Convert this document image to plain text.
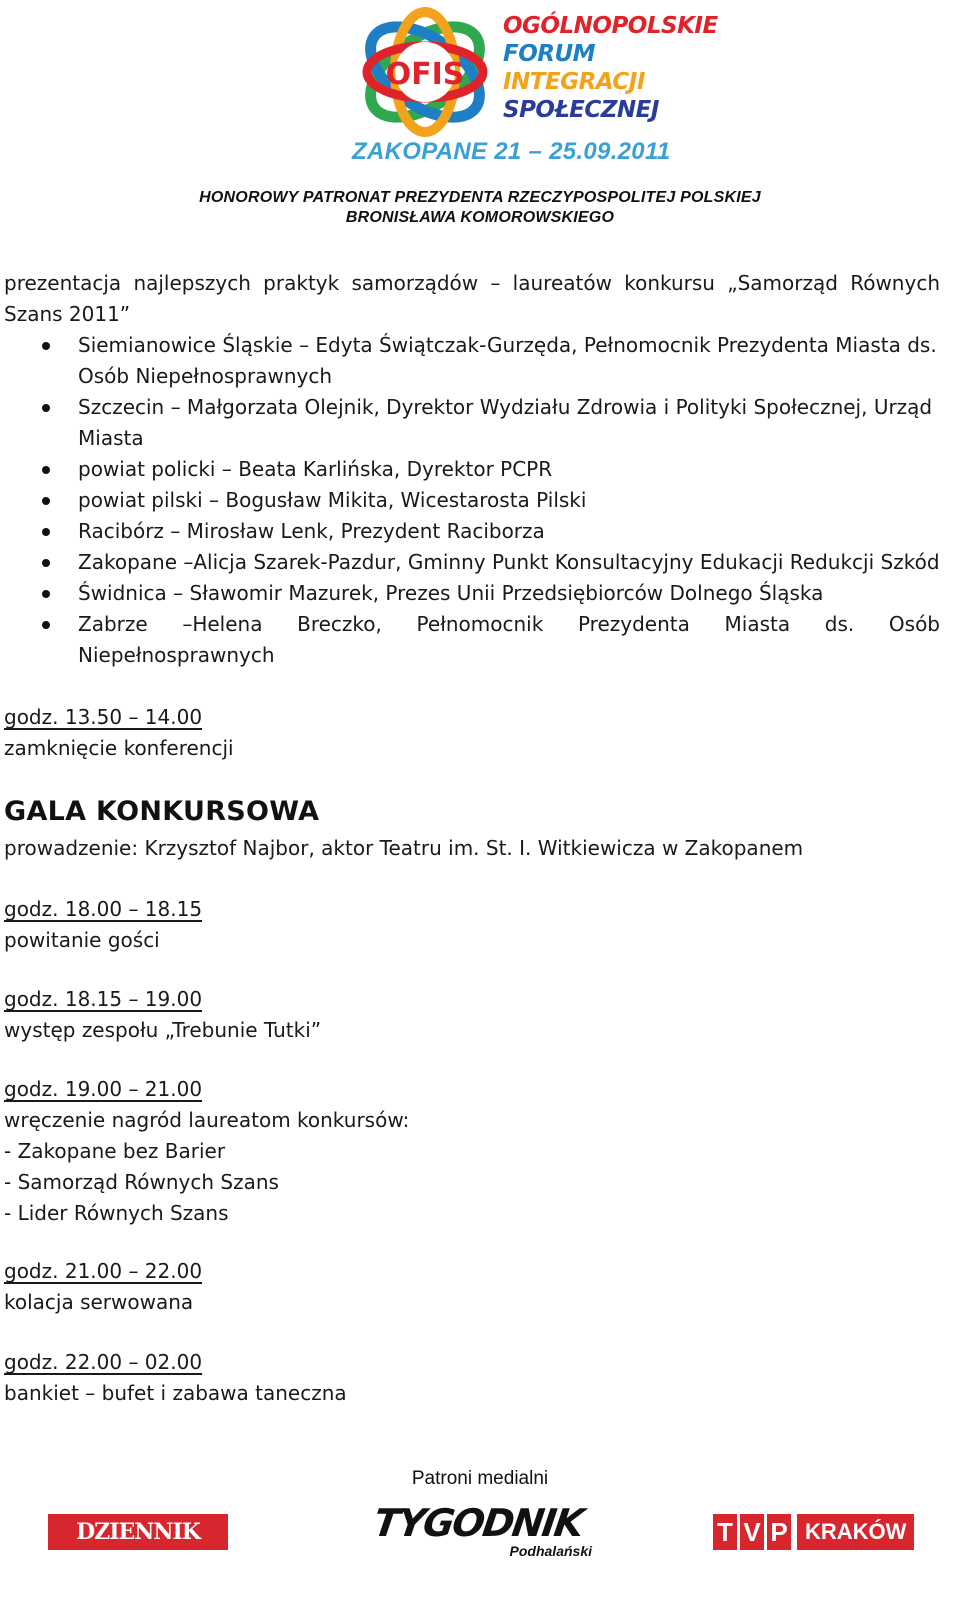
OFIS
OGÓLNOPOLSKIE
FORUM
INTEGRACJI
SPOŁECZNEJ
ZAKOPANE 21 – 25.09.2011
HONOROWY PATRONAT PREZYDENTA RZECZYPOSPOLITEJ POLSKIEJ
BRONISŁAWA KOMOROWSKIEGO
prezentacja najlepszych praktyk samorządów – laureatów konkursu „Samorząd Równych Szans 2011”
Siemianowice Śląskie – Edyta Świątczak-Gurzęda, Pełnomocnik Prezydenta Miasta ds. Osób Niepełnosprawnych
Szczecin – Małgorzata Olejnik, Dyrektor Wydziału Zdrowia i Polityki Społecznej, Urząd Miasta
powiat policki – Beata Karlińska, Dyrektor PCPR
powiat pilski – Bogusław Mikita, Wicestarosta Pilski
Racibórz – Mirosław Lenk, Prezydent Raciborza
Zakopane –Alicja Szarek-Pazdur, Gminny Punkt Konsultacyjny Edukacji Redukcji Szkód
Świdnica – Sławomir Mazurek, Prezes Unii Przedsiębiorców Dolnego Śląska
Zabrze –Helena Breczko, Pełnomocnik Prezydenta Miasta ds. Osób Niepełnosprawnych
godz. 13.50 – 14.00
zamknięcie konferencji
GALA KONKURSOWA
prowadzenie: Krzysztof Najbor, aktor Teatru im. St. I. Witkiewicza w Zakopanem
godz. 18.00 – 18.15
powitanie gości
godz. 18.15 – 19.00
występ zespołu „Trebunie Tutki”
godz. 19.00 – 21.00
wręczenie nagród laureatom konkursów:
- Zakopane bez Barier
- Samorząd Równych Szans
- Lider Równych Szans
godz. 21.00 – 22.00
kolacja serwowana
godz. 22.00 – 02.00
bankiet – bufet i zabawa taneczna
Patroni medialni
DZIENNIK POLSKI
TYGODNIK
Podhalański
T V P KRAKÓW
